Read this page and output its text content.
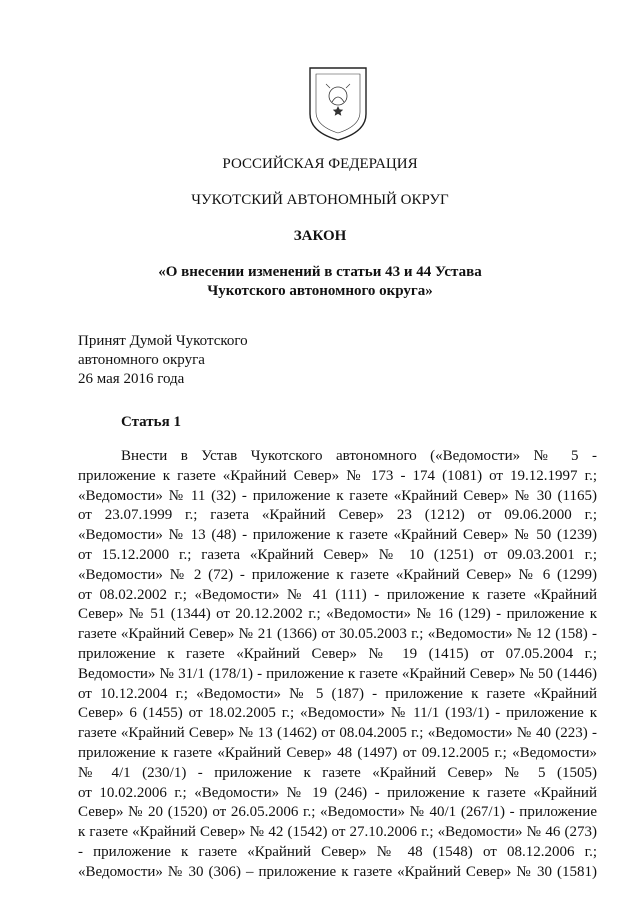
РОССИЙСКАЯ ФЕДЕРАЦИЯ
ЧУКОТСКИЙ АВТОНОМНЫЙ ОКРУГ
ЗАКОН
«О внесении изменений в статьи 43 и 44 Устава
Чукотского автономного округа»
Принят Думой Чукотского
автономного округа
26 мая 2016 года
Статья 1
Внести в Устав Чукотского автономного («Ведомости» № 5 -
приложение к газете «Крайний Север» № 173 - 174 (1081) от 19.12.1997 г.;
«Ведомости» № 11 (32) - приложение к газете «Крайний Север» № 30 (1165)
от 23.07.1999 г.; газета «Крайний Север» 23 (1212) от 09.06.2000 г.;
«Ведомости» № 13 (48) - приложение к газете «Крайний Север» № 50 (1239)
от 15.12.2000 г.; газета «Крайний Север» № 10 (1251) от 09.03.2001 г.;
«Ведомости» № 2 (72) - приложение к газете «Крайний Север» № 6 (1299)
от 08.02.2002 г.; «Ведомости» № 41 (111) - приложение к газете «Крайний
Север» № 51 (1344) от 20.12.2002 г.; «Ведомости» № 16 (129) - приложение к
газете «Крайний Север» № 21 (1366) от 30.05.2003 г.; «Ведомости» № 12 (158) -
приложение к газете «Крайний Север» № 19 (1415) от 07.05.2004 г.;
Ведомости» № 31/1 (178/1) - приложение к газете «Крайний Север» № 50 (1446)
от 10.12.2004 г.; «Ведомости» № 5 (187) - приложение к газете «Крайний
Север» 6 (1455) от 18.02.2005 г.; «Ведомости» № 11/1 (193/1) - приложение к
газете «Крайний Север» № 13 (1462) от 08.04.2005 г.; «Ведомости» № 40 (223) -
приложение к газете «Крайний Север» 48 (1497) от 09.12.2005 г.; «Ведомости»
№ 4/1 (230/1) - приложение к газете «Крайний Север» № 5 (1505)
от 10.02.2006 г.; «Ведомости» № 19 (246) - приложение к газете «Крайний
Север» № 20 (1520) от 26.05.2006 г.; «Ведомости» № 40/1 (267/1) - приложение
к газете «Крайний Север» № 42 (1542) от 27.10.2006 г.; «Ведомости» № 46 (273)
- приложение к газете «Крайний Север» № 48 (1548) от 08.12.2006 г.;
«Ведомости» № 30 (306) – приложение к газете «Крайний Север» № 30 (1581)
